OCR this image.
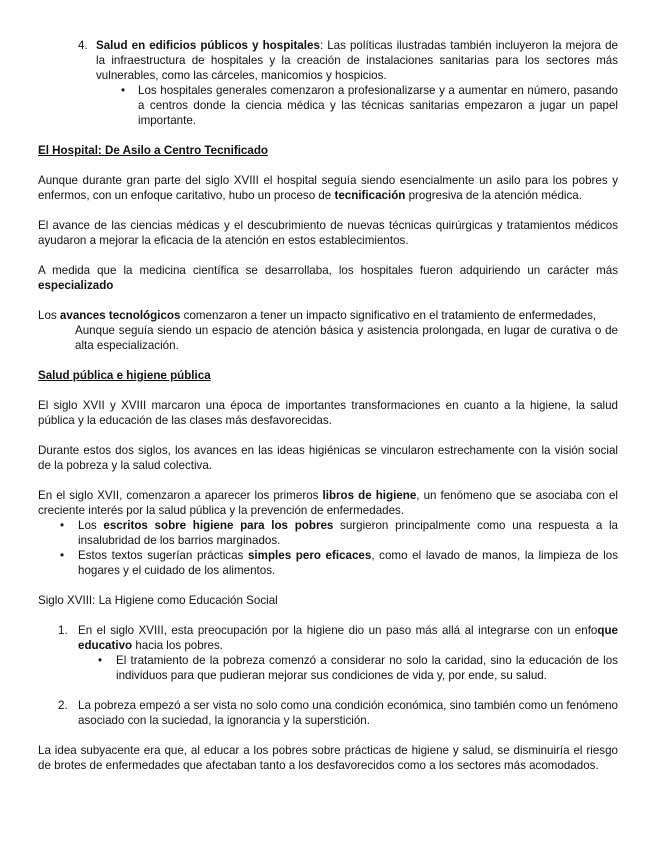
4. Salud en edificios públicos y hospitales: Las políticas ilustradas también incluyeron la mejora de la infraestructura de hospitales y la creación de instalaciones sanitarias para los sectores más vulnerables, como las cárceles, manicomios y hospicios.

• Los hospitales generales comenzaron a profesionalizarse y a aumentar en número, pasando a centros donde la ciencia médica y las técnicas sanitarias empezaron a jugar un papel importante.

El Hospital: De Asilo a Centro Tecnificado

Aunque durante gran parte del siglo XVIII el hospital seguía siendo esencialmente un asilo para los pobres y enfermos, con un enfoque caritativo, hubo un proceso de tecnificación progresiva de la atención médica.

El avance de las ciencias médicas y el descubrimiento de nuevas técnicas quirúrgicas y tratamientos médicos ayudaron a mejorar la eficacia de la atención en estos establecimientos.

A medida que la medicina científica se desarrollaba, los hospitales fueron adquiriendo un carácter más especializado

Los avances tecnológicos comenzaron a tener un impacto significativo en el tratamiento de enfermedades,

Aunque seguía siendo un espacio de atención básica y asistencia prolongada, en lugar de curativa o de alta especialización.

Salud pública e higiene pública

El siglo XVII y XVIII marcaron una época de importantes transformaciones en cuanto a la higiene, la salud pública y la educación de las clases más desfavorecidas.

Durante estos dos siglos, los avances en las ideas higiénicas se vincularon estrechamente con la visión social de la pobreza y la salud colectiva.

En el siglo XVII, comenzaron a aparecer los primeros libros de higiene, un fenómeno que se asociaba con el creciente interés por la salud pública y la prevención de enfermedades.

• Los escritos sobre higiene para los pobres surgieron principalmente como una respuesta a la insalubridad de los barrios marginados.

• Estos textos sugerían prácticas simples pero eficaces, como el lavado de manos, la limpieza de los hogares y el cuidado de los alimentos.

Siglo XVIII: La Higiene como Educación Social

1. En el siglo XVIII, esta preocupación por la higiene dio un paso más allá al integrarse con un enfoque educativo hacia los pobres.

• El tratamiento de la pobreza comenzó a considerar no solo la caridad, sino la educación de los individuos para que pudieran mejorar sus condiciones de vida y, por ende, su salud.

2. La pobreza empezó a ser vista no solo como una condición económica, sino también como un fenómeno asociado con la suciedad, la ignorancia y la superstición.

La idea subyacente era que, al educar a los pobres sobre prácticas de higiene y salud, se disminuiría el riesgo de brotes de enfermedades que afectaban tanto a los desfavorecidos como a los sectores más acomodados.
